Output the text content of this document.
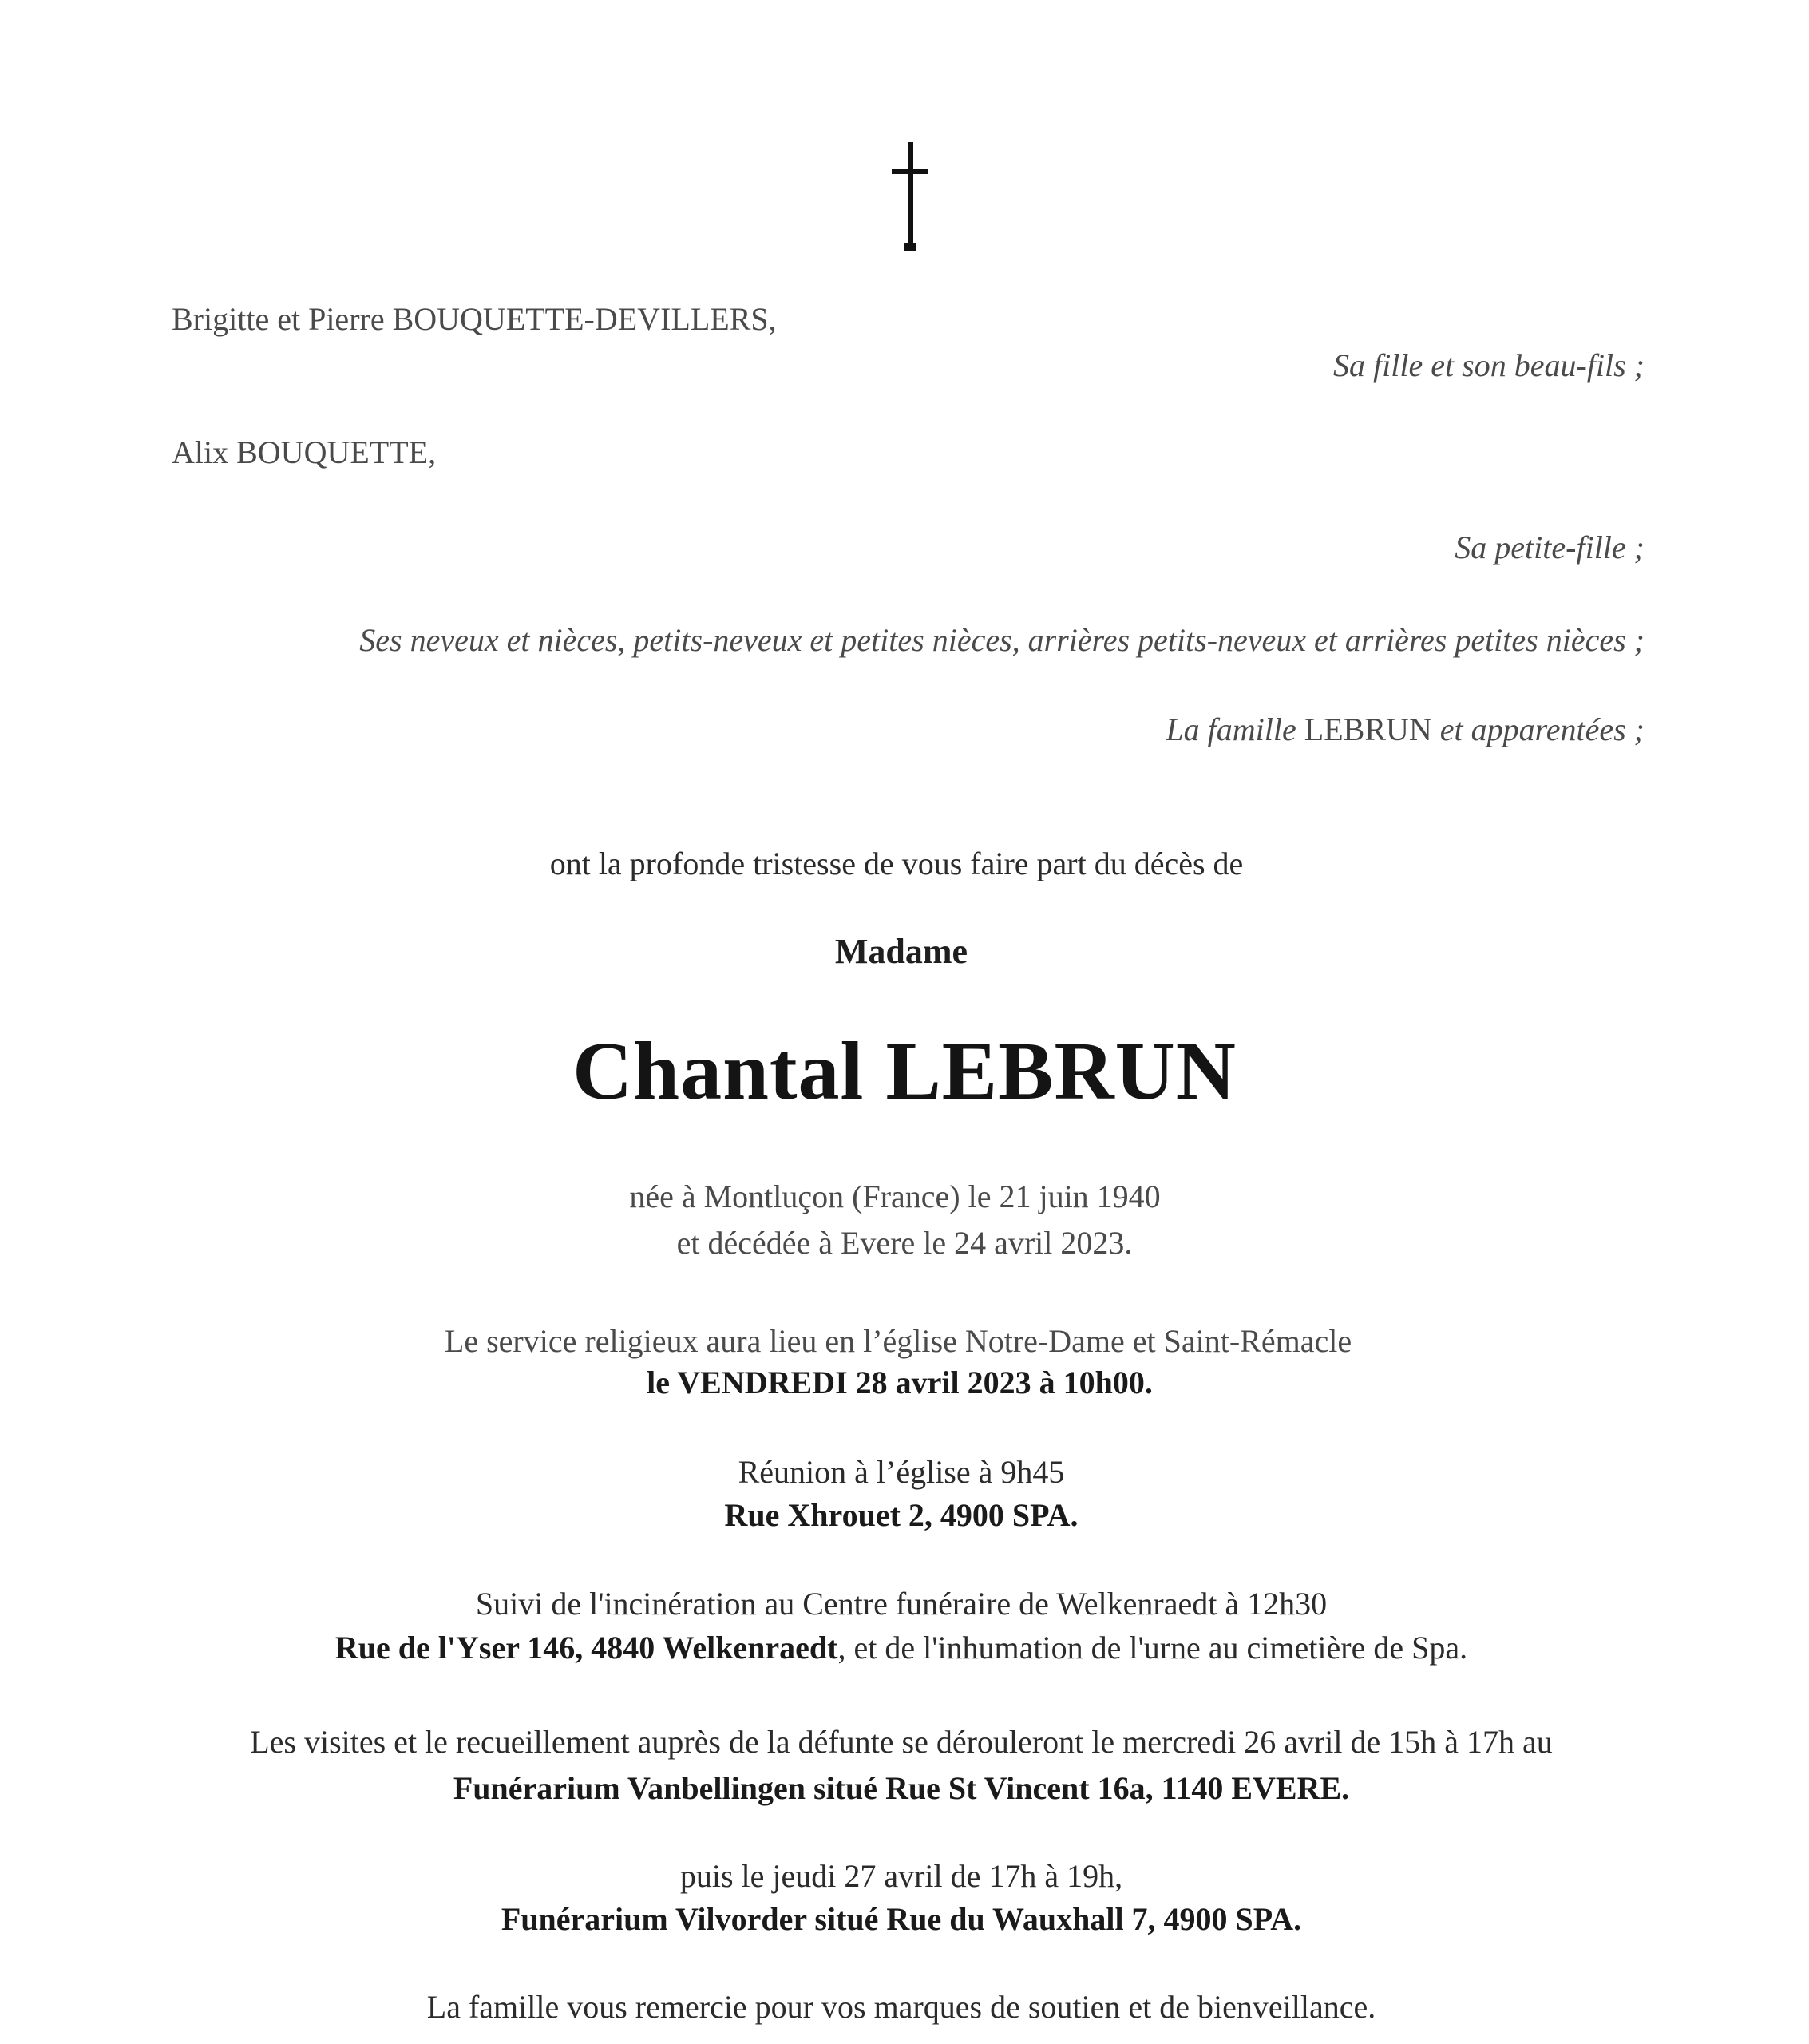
Brigitte et Pierre BOUQUETTE-DEVILLERS,
Sa fille et son beau-fils ;
Alix BOUQUETTE,
Sa petite-fille ;
Ses neveux et nièces, petits-neveux et petites nièces, arrières petits-neveux et arrières petites nièces ;
La famille LEBRUN et apparentées ;
ont la profonde tristesse de vous faire part du décès de
Madame
Chantal LEBRUN
née à Montluçon (France) le 21 juin 1940
et décédée à Evere le 24 avril 2023.
Le service religieux aura lieu en l’église Notre-Dame et Saint-Rémacle
le VENDREDI 28 avril 2023 à 10h00.
Réunion à l’église à 9h45
Rue Xhrouet 2, 4900 SPA.
Suivi de l'incinération au Centre funéraire de Welkenraedt à 12h30
Rue de l'Yser 146, 4840 Welkenraedt, et de l'inhumation de l'urne au cimetière de Spa.
Les visites et le recueillement auprès de la défunte se dérouleront le mercredi 26 avril de 15h à 17h au
Funérarium Vanbellingen situé Rue St Vincent 16a, 1140 EVERE.
puis le jeudi 27 avril de 17h à 19h,
Funérarium Vilvorder situé Rue du Wauxhall 7, 4900 SPA.
La famille vous remercie pour vos marques de soutien et de bienveillance.
